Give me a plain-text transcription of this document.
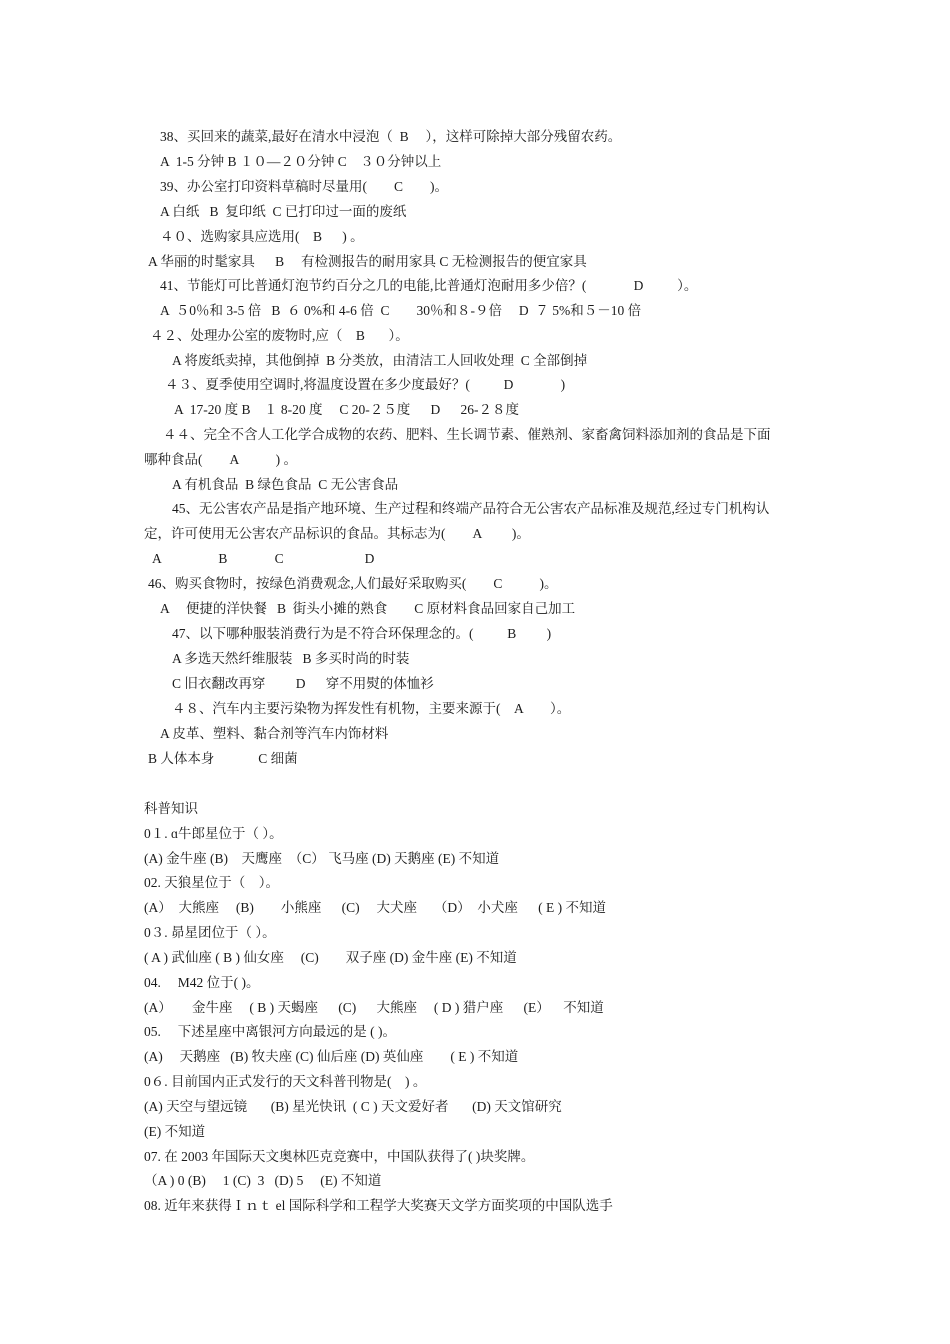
38、买回来的蔬菜,最好在清水中浸泡（  B     ），这样可除掉大部分残留农药。
A  1-5 分钟 B １０—２０分钟 C    ３０分钟以上
39、办公室打印资料草稿时尽量用(        C        )。
A 白纸   B  复印纸  C 已打印过一面的废纸
４０、选购家具应选用(    B      ) 。
A 华丽的时髦家具      B     有检测报告的耐用家具 C 无检测报告的便宜家具
41、节能灯可比普通灯泡节约百分之几的电能,比普通灯泡耐用多少倍？(              D          ）。
A  ５0％和 3-5 倍   B  ６ 0%和 4-6 倍  C        30％和８-９倍     D  ７ 5%和５－10 倍
４２、处理办公室的废物时,应（    B       ）。
A 将废纸卖掉，其他倒掉  B 分类放，由清洁工人回收处理  C 全部倒掉
４３、夏季使用空调时,将温度设置在多少度最好？(          D              )
A  17-20 度 B    １ 8-20 度     C 20-２５度      D      26-２８度
４４、完全不含人工化学合成物的农药、肥料、生长调节素、催熟剂、家畜禽饲料添加剂的食品是下面
哪种食品(        A           ) 。
A 有机食品  B 绿色食品  C 无公害食品
45、无公害农产品是指产地环境、生产过程和终端产品符合无公害农产品标准及规范,经过专门机构认
定，许可使用无公害农产品标识的食品。其标志为(        A         )。
A                 B              C                        D
46、购买食物时，按绿色消费观念,人们最好采取购买(        C           )。
A     便捷的洋快餐   B  街头小摊的熟食        C 原材料食品回家自己加工
47、以下哪种服装消费行为是不符合环保理念的。(          B         )
A 多选天然纤维服装   B 多买时尚的时装
C 旧衣翻改再穿         D      穿不用熨的体恤衫
４８、汽车内主要污染物为挥发性有机物，主要来源于(    A        ）。
A 皮革、塑料、黏合剂等汽车内饰材料
B 人体本身             C 细菌
科普知识
0１. ɑ牛郎星位于（ ）。
(A) 金牛座 (B)    天鹰座  （C） 飞马座 (D) 天鹅座 (E) 不知道
02. 天狼星位于（    ）。
(A）  大熊座     (B)        小熊座      (C)     大犬座     （D）  小犬座      ( E ) 不知道
0３. 昴星团位于（ ）。
( A ) 武仙座 ( B ) 仙女座     (C)        双子座 (D) 金牛座 (E) 不知道
04.     M42 位于( )。
(A）      金牛座     ( B ) 天蝎座      (C)      大熊座     ( D ) 猎户座      (E）    不知道
05.     下述星座中离银河方向最远的是 ( )。
(A)     天鹅座   (B) 牧夫座 (C) 仙后座 (D) 英仙座        ( E ) 不知道
0６. 目前国内正式发行的天文科普刊物是(    ) 。
(A) 天空与望远镜       (B) 星光快讯  ( C ) 天文爱好者       (D) 天文馆研究
(E) 不知道
07. 在 2003 年国际天文奥林匹克竞赛中，中国队获得了( )块奖牌。
（A ) 0 (B)     1 (C)  3   (D) 5     (E) 不知道
08. 近年来获得Ｉｎｔ el 国际科学和工程学大奖赛天文学方面奖项的中国队选手
